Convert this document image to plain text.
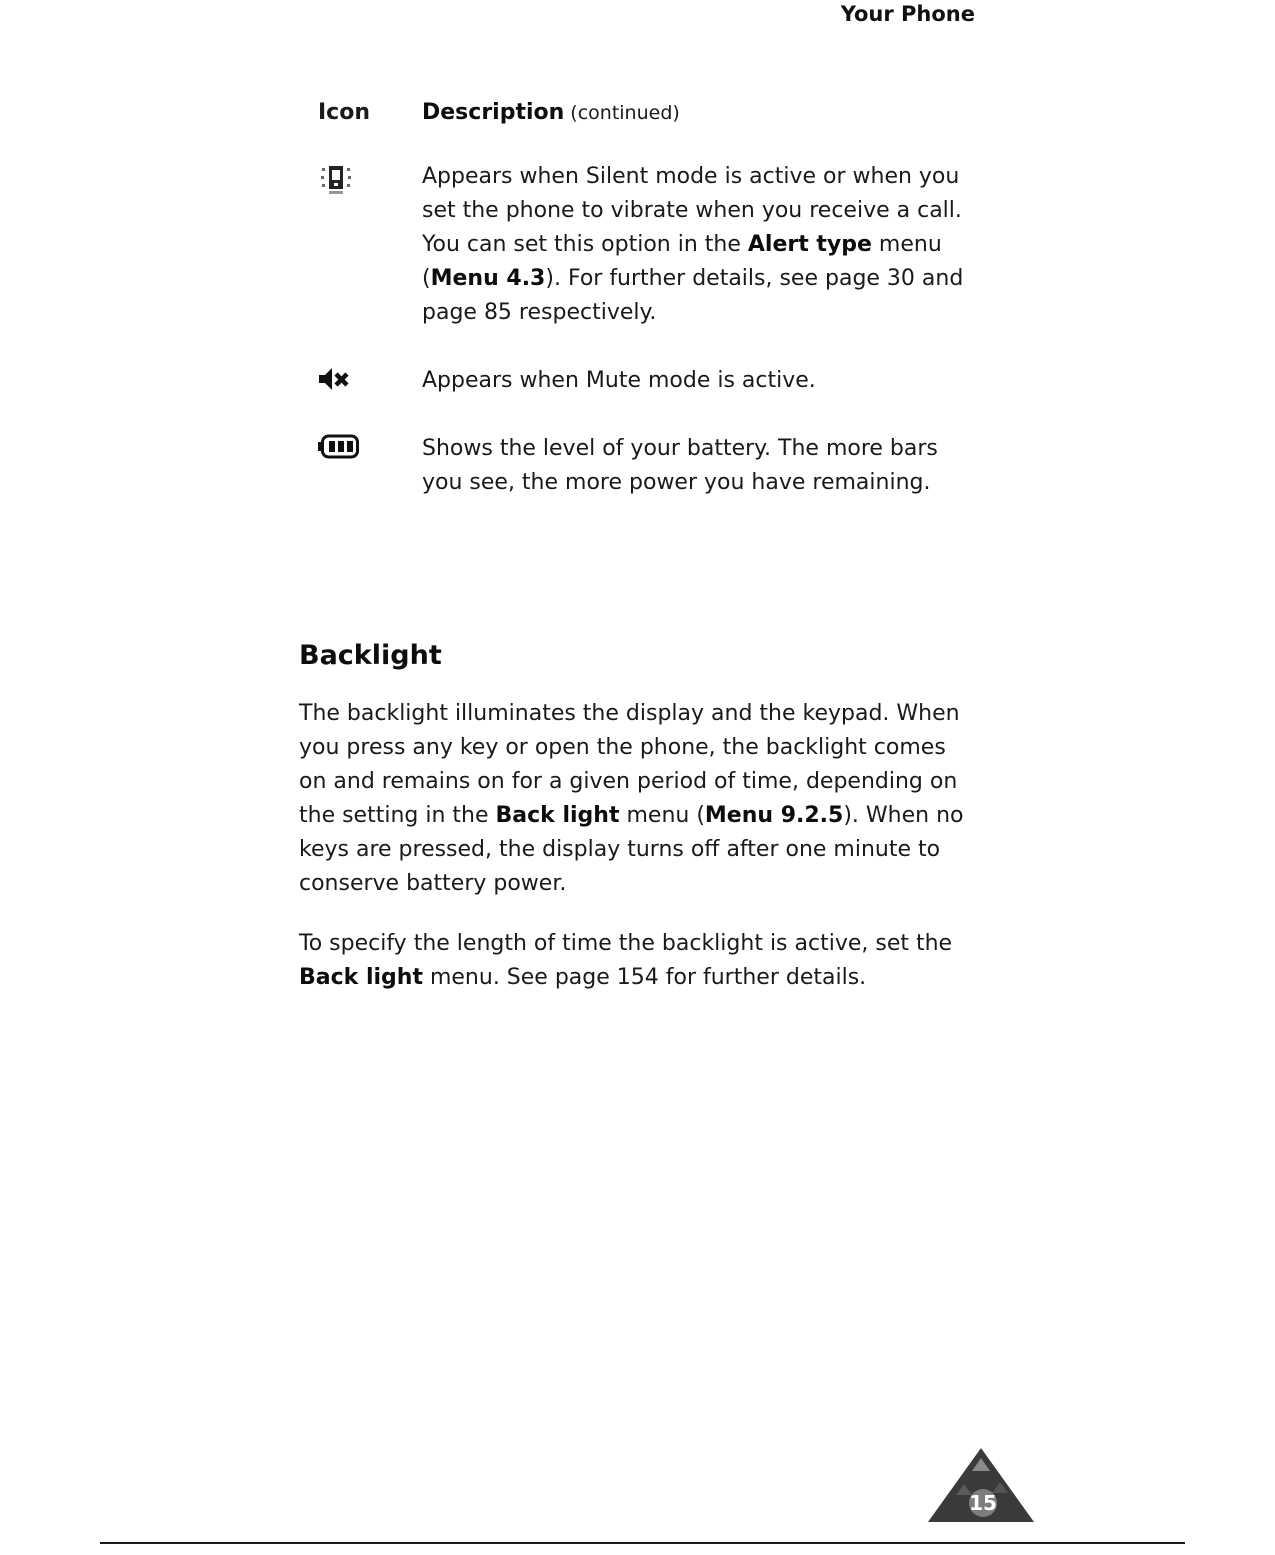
Your Phone
Icon	Description (continued)
Appears when Silent mode is active or when you set the phone to vibrate when you receive a call. You can set this option in the Alert type menu (Menu 4.3). For further details, see page 30 and page 85 respectively.
Appears when Mute mode is active.
Shows the level of your battery. The more bars you see, the more power you have remaining.
Backlight

The backlight illuminates the display and the keypad. When you press any key or open the phone, the backlight comes on and remains on for a given period of time, depending on the setting in the Back light menu (Menu 9.2.5). When no keys are pressed, the display turns off after one minute to conserve battery power.

To specify the length of time the backlight is active, set the Back light menu. See page 154 for further details.

15
